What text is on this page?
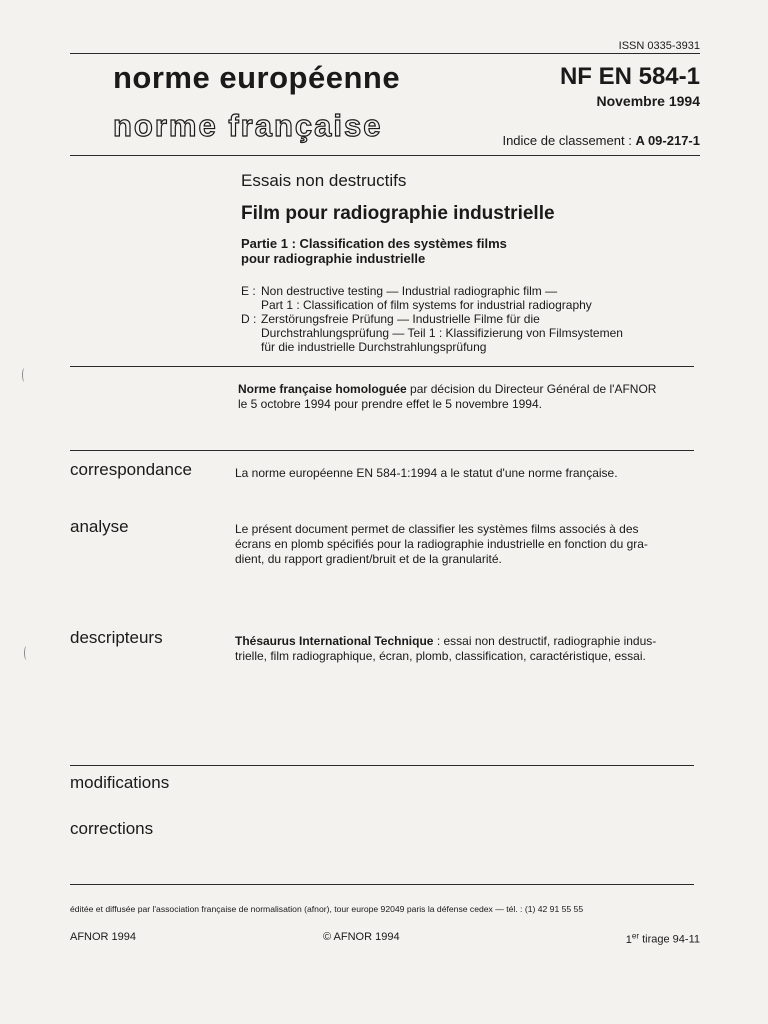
ISSN 0335-3931
norme européenne
norme française
NF EN 584-1
Novembre 1994
Indice de classement : A 09-217-1
Essais non destructifs
Film pour radiographie industrielle
Partie 1 : Classification des systèmes films
pour radiographie industrielle
E : Non destructive testing — Industrial radiographic film —
Part 1 : Classification of film systems for industrial radiography
D : Zerstörungsfreie Prüfung — Industrielle Filme für die
Durchstrahlungsprüfung — Teil 1 : Klassifizierung von Filmsystemen
für die industrielle Durchstrahlungsprüfung
Norme française homologuée par décision du Directeur Général de l'AFNOR
le 5 octobre 1994 pour prendre effet le 5 novembre 1994.
correspondance	La norme européenne EN 584-1:1994 a le statut d'une norme française.
analyse	Le présent document permet de classifier les systèmes films associés à des
écrans en plomb spécifiés pour la radiographie industrielle en fonction du gra-
dient, du rapport gradient/bruit et de la granularité.
descripteurs	Thésaurus International Technique : essai non destructif, radiographie indus-
trielle, film radiographique, écran, plomb, classification, caractéristique, essai.
modifications
corrections
éditée et diffusée par l'association française de normalisation (afnor), tour europe 92049 paris la défense cedex — tél. : (1) 42 91 55 55
AFNOR 1994	© AFNOR 1994	1er tirage 94-11
